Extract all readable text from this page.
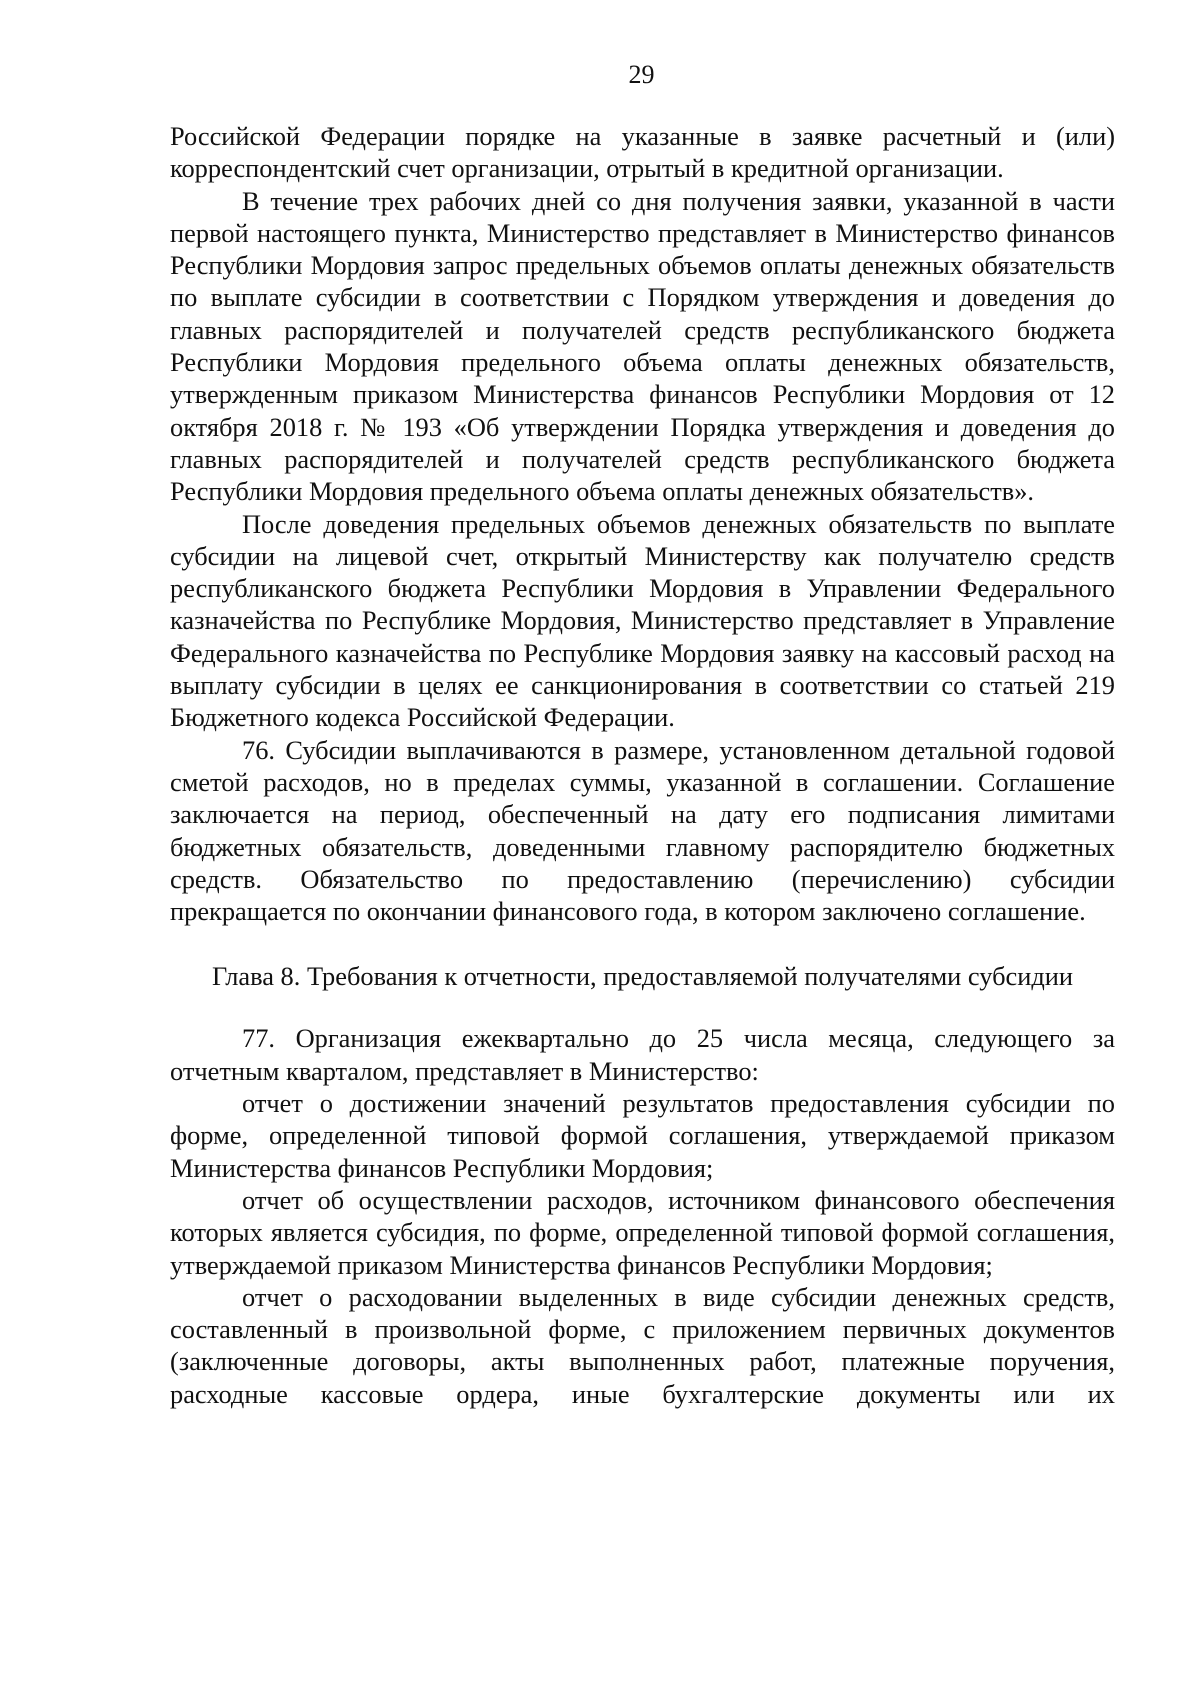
29

Российской Федерации порядке на указанные в заявке расчетный и (или) корреспондентский счет организации, отрытый в кредитной организации.

В течение трех рабочих дней со дня получения заявки, указанной в части первой настоящего пункта, Министерство представляет в Министерство финансов Республики Мордовия запрос предельных объемов оплаты денежных обязательств по выплате субсидии в соответствии с Порядком утверждения и доведения до главных распорядителей и получателей средств республиканского бюджета Республики Мордовия предельного объема оплаты денежных обязательств, утвержденным приказом Министерства финансов Республики Мордовия от 12 октября 2018 г. № 193 «Об утверждении Порядка утверждения и доведения до главных распорядителей и получателей средств республиканского бюджета Республики Мордовия предельного объема оплаты денежных обязательств».

После доведения предельных объемов денежных обязательств по выплате субсидии на лицевой счет, открытый Министерству как получателю средств республиканского бюджета Республики Мордовия в Управлении Федерального казначейства по Республике Мордовия, Министерство представляет в Управление Федерального казначейства по Республике Мордовия заявку на кассовый расход на выплату субсидии в целях ее санкционирования в соответствии со статьей 219 Бюджетного кодекса Российской Федерации.

76. Субсидии выплачиваются в размере, установленном детальной годовой сметой расходов, но в пределах суммы, указанной в соглашении. Соглашение заключается на период, обеспеченный на дату его подписания лимитами бюджетных обязательств, доведенными главному распорядителю бюджетных средств. Обязательство по предоставлению (перечислению) субсидии прекращается по окончании финансового года, в котором заключено соглашение.

Глава 8. Требования к отчетности, предоставляемой получателями субсидии

77. Организация ежеквартально до 25 числа месяца, следующего за отчетным кварталом, представляет в Министерство:

отчет о достижении значений результатов предоставления субсидии по форме, определенной типовой формой соглашения, утверждаемой приказом Министерства финансов Республики Мордовия;

отчет об осуществлении расходов, источником финансового обеспечения которых является субсидия, по форме, определенной типовой формой соглашения, утверждаемой приказом Министерства финансов Республики Мордовия;

отчет о расходовании выделенных в виде субсидии денежных средств, составленный в произвольной форме, с приложением первичных документов (заключенные договоры, акты выполненных работ, платежные поручения, расходные кассовые ордера, иные бухгалтерские документы или их
